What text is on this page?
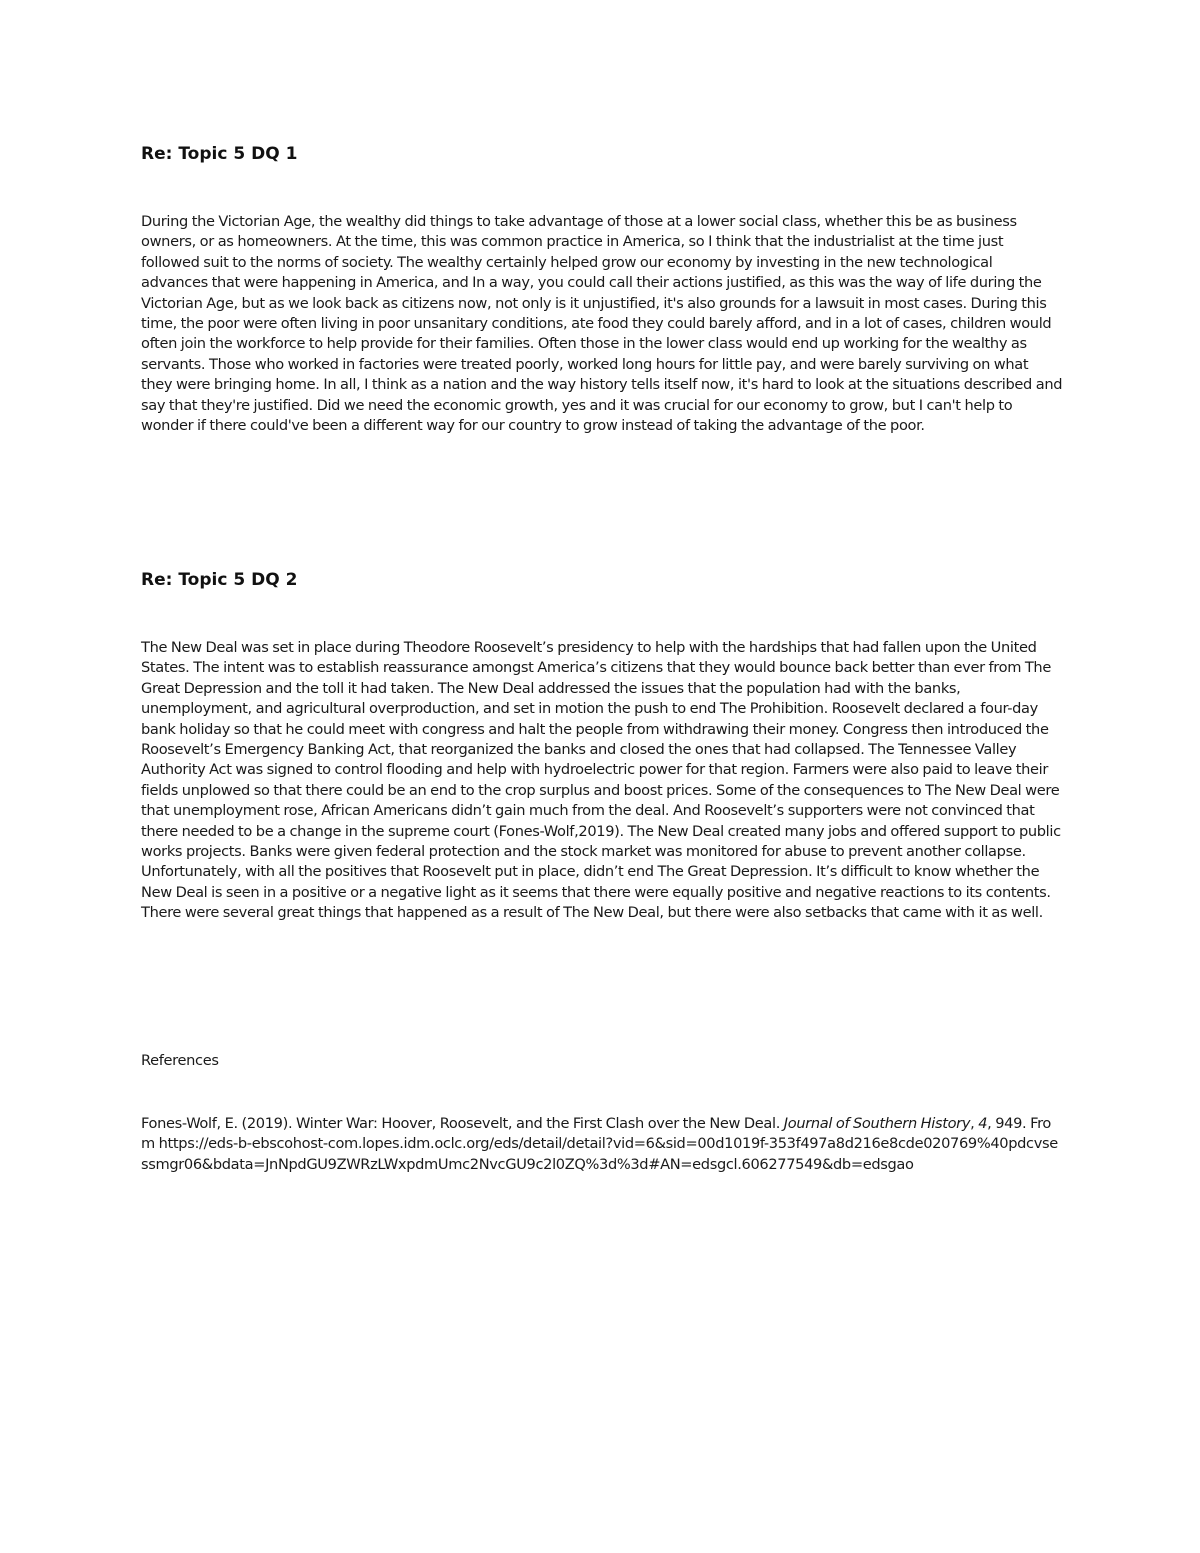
Re: Topic 5 DQ 1

During the Victorian Age, the wealthy did things to take advantage of those at a lower social class, whether this be as business owners, or as homeowners. At the time, this was common practice in America, so I think that the industrialist at the time just followed suit to the norms of society. The wealthy certainly helped grow our economy by investing in the new technological advances that were happening in America, and In a way, you could call their actions justified, as this was the way of life during the Victorian Age, but as we look back as citizens now, not only is it unjustified, it's also grounds for a lawsuit in most cases. During this time, the poor were often living in poor unsanitary conditions, ate food they could barely afford, and in a lot of cases, children would often join the workforce to help provide for their families. Often those in the lower class would end up working for the wealthy as servants. Those who worked in factories were treated poorly, worked long hours for little pay, and were barely surviving on what they were bringing home. In all, I think as a nation and the way history tells itself now, it's hard to look at the situations described and say that they're justified. Did we need the economic growth, yes and it was crucial for our economy to grow, but I can't help to wonder if there could've been a different way for our country to grow instead of taking the advantage of the poor.

Re: Topic 5 DQ 2

The New Deal was set in place during Theodore Roosevelt’s presidency to help with the hardships that had fallen upon the United States. The intent was to establish reassurance amongst America’s citizens that they would bounce back better than ever from The Great Depression and the toll it had taken. The New Deal addressed the issues that the population had with the banks, unemployment, and agricultural overproduction, and set in motion the push to end The Prohibition. Roosevelt declared a four-day bank holiday so that he could meet with congress and halt the people from withdrawing their money. Congress then introduced the Roosevelt’s Emergency Banking Act, that reorganized the banks and closed the ones that had collapsed. The Tennessee Valley Authority Act was signed to control flooding and help with hydroelectric power for that region. Farmers were also paid to leave their fields unplowed so that there could be an end to the crop surplus and boost prices. Some of the consequences to The New Deal were that unemployment rose, African Americans didn’t gain much from the deal. And Roosevelt’s supporters were not convinced that there needed to be a change in the supreme court (Fones-Wolf,2019). The New Deal created many jobs and offered support to public works projects. Banks were given federal protection and the stock market was monitored for abuse to prevent another collapse. Unfortunately, with all the positives that Roosevelt put in place, didn’t end The Great Depression. It’s difficult to know whether the New Deal is seen in a positive or a negative light as it seems that there were equally positive and negative reactions to its contents. There were several great things that happened as a result of The New Deal, but there were also setbacks that came with it as well.

References

Fones-Wolf, E. (2019). Winter War: Hoover, Roosevelt, and the First Clash over the New Deal. Journal of Southern History, 4, 949. From https://eds-b-ebscohost-com.lopes.idm.oclc.org/eds/detail/detail?vid=6&sid=00d1019f-353f497a8d216e8cde020769%40pdcvsessmgr06&bdata=JnNpdGU9ZWRzLWxpdmUmc2NvcGU9c2l0ZQ%3d%3d#AN=edsgcl.606277549&db=edsgao
